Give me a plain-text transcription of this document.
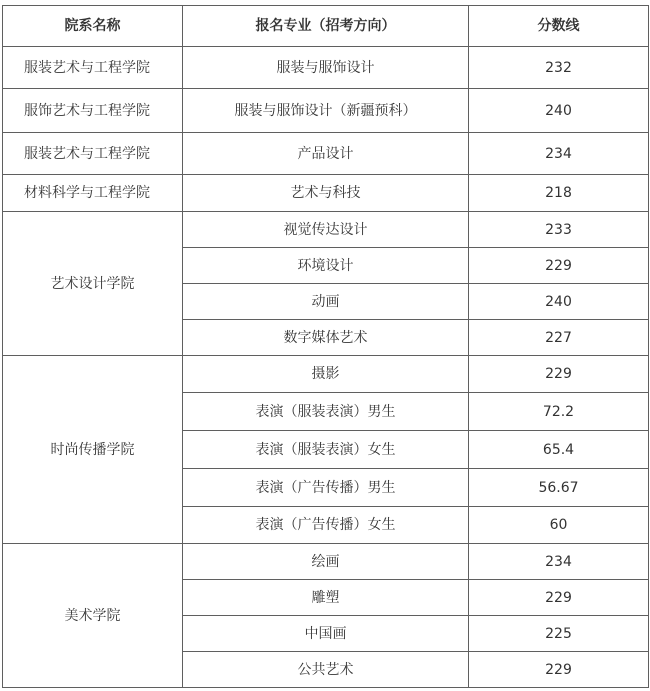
院系名称	报名专业（招考方向）	分数线
服装艺术与工程学院	服装与服饰设计	232
服饰艺术与工程学院	服装与服饰设计（新疆预科）	240
服装艺术与工程学院	产品设计	234
材料科学与工程学院	艺术与科技	218
艺术设计学院	视觉传达设计	233
	环境设计	229
	动画	240
	数字媒体艺术	227
时尚传播学院	摄影	229
	表演（服装表演）男生	72.2
	表演（服装表演）女生	65.4
	表演（广告传播）男生	56.67
	表演（广告传播）女生	60
美术学院	绘画	234
	雕塑	229
	中国画	225
	公共艺术	229
